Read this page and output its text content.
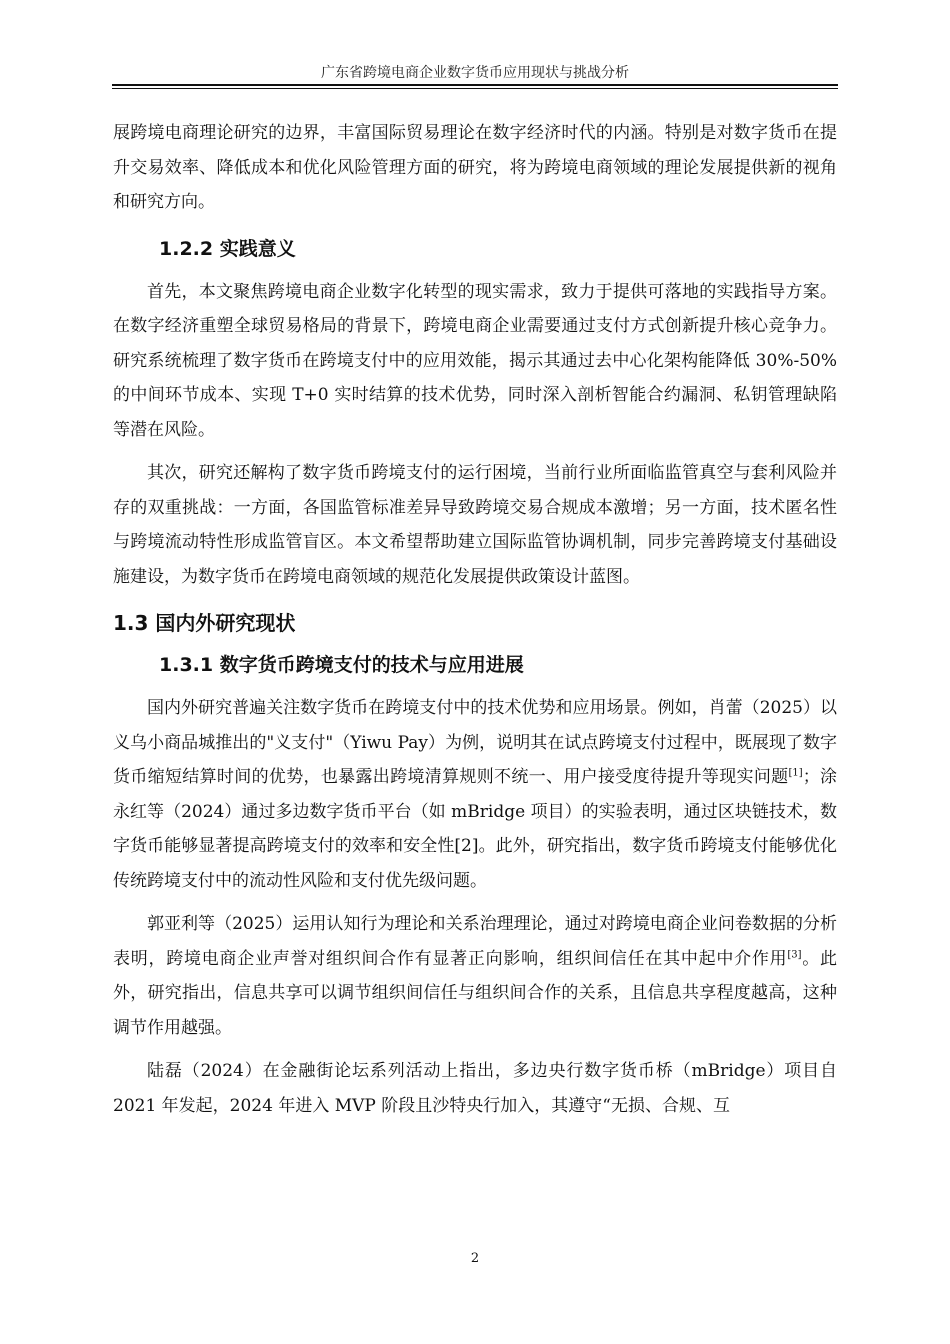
广东省跨境电商企业数字货币应用现状与挑战分析

展跨境电商理论研究的边界，丰富国际贸易理论在数字经济时代的内涵。特别是对数字货币在提升交易效率、降低成本和优化风险管理方面的研究，将为跨境电商领域的理论发展提供新的视角和研究方向。

1.2.2 实践意义

首先，本文聚焦跨境电商企业数字化转型的现实需求，致力于提供可落地的实践指导方案。在数字经济重塑全球贸易格局的背景下，跨境电商企业需要通过支付方式创新提升核心竞争力。研究系统梳理了数字货币在跨境支付中的应用效能，揭示其通过去中心化架构能降低 30%-50%的中间环节成本、实现 T+0 实时结算的技术优势，同时深入剖析智能合约漏洞、私钥管理缺陷等潜在风险。

其次，研究还解构了数字货币跨境支付的运行困境，当前行业所面临监管真空与套利风险并存的双重挑战：一方面，各国监管标准差异导致跨境交易合规成本激增；另一方面，技术匿名性与跨境流动特性形成监管盲区。本文希望帮助建立国际监管协调机制，同步完善跨境支付基础设施建设，为数字货币在跨境电商领域的规范化发展提供政策设计蓝图。

1.3 国内外研究现状
1.3.1 数字货币跨境支付的技术与应用进展

国内外研究普遍关注数字货币在跨境支付中的技术优势和应用场景。例如，肖蕾（2025）以义乌小商品城推出的"义支付"（Yiwu Pay）为例，说明其在试点跨境支付过程中，既展现了数字货币缩短结算时间的优势，也暴露出跨境清算规则不统一、用户接受度待提升等现实问题[1]；涂永红等（2024）通过多边数字货币平台（如 mBridge 项目）的实验表明，通过区块链技术，数字货币能够显著提高跨境支付的效率和安全性[2]。此外，研究指出，数字货币跨境支付能够优化传统跨境支付中的流动性风险和支付优先级问题。

郭亚利等（2025）运用认知行为理论和关系治理理论，通过对跨境电商企业问卷数据的分析表明，跨境电商企业声誉对组织间合作有显著正向影响，组织间信任在其中起中介作用[3]。此外，研究指出，信息共享可以调节组织间信任与组织间合作的关系，且信息共享程度越高，这种调节作用越强。

陆磊（2024）在金融街论坛系列活动上指出，多边央行数字货币桥（mBridge）项目自 2021 年发起，2024 年进入 MVP 阶段且沙特央行加入，其遵守“无损、合规、互

2
